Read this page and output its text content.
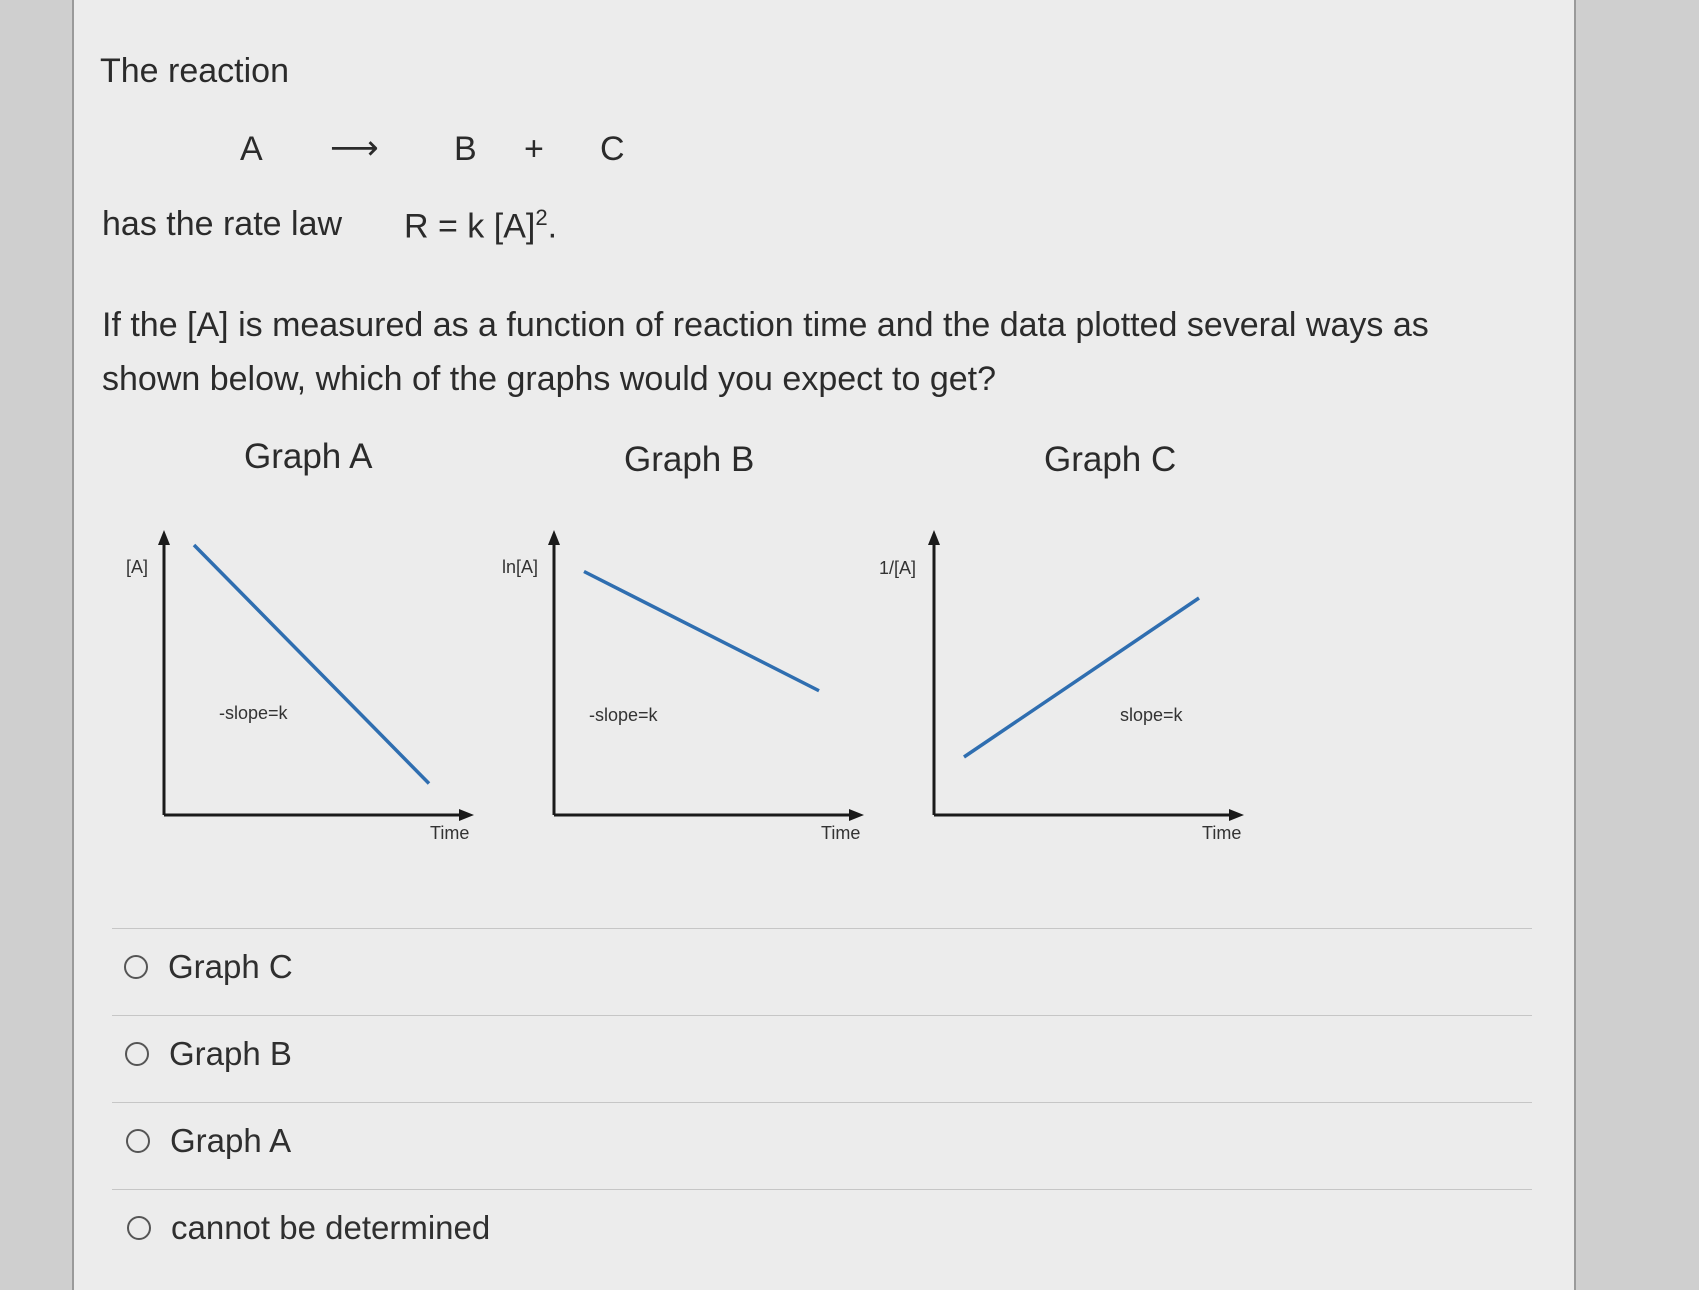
The reaction
A ⟶ B + C
has the rate law R = k $[A]^2$.
If the [A] is measured as a function of reaction time and the data plotted several ways as shown below, which of the graphs would you expect to get?
Graph A	Graph B	Graph C
[A]
Time
-slope=k
ln[A]
Time
-slope=k
1/[A]
Time
slope=k
Graph C
Graph B
Graph A
cannot be determined
